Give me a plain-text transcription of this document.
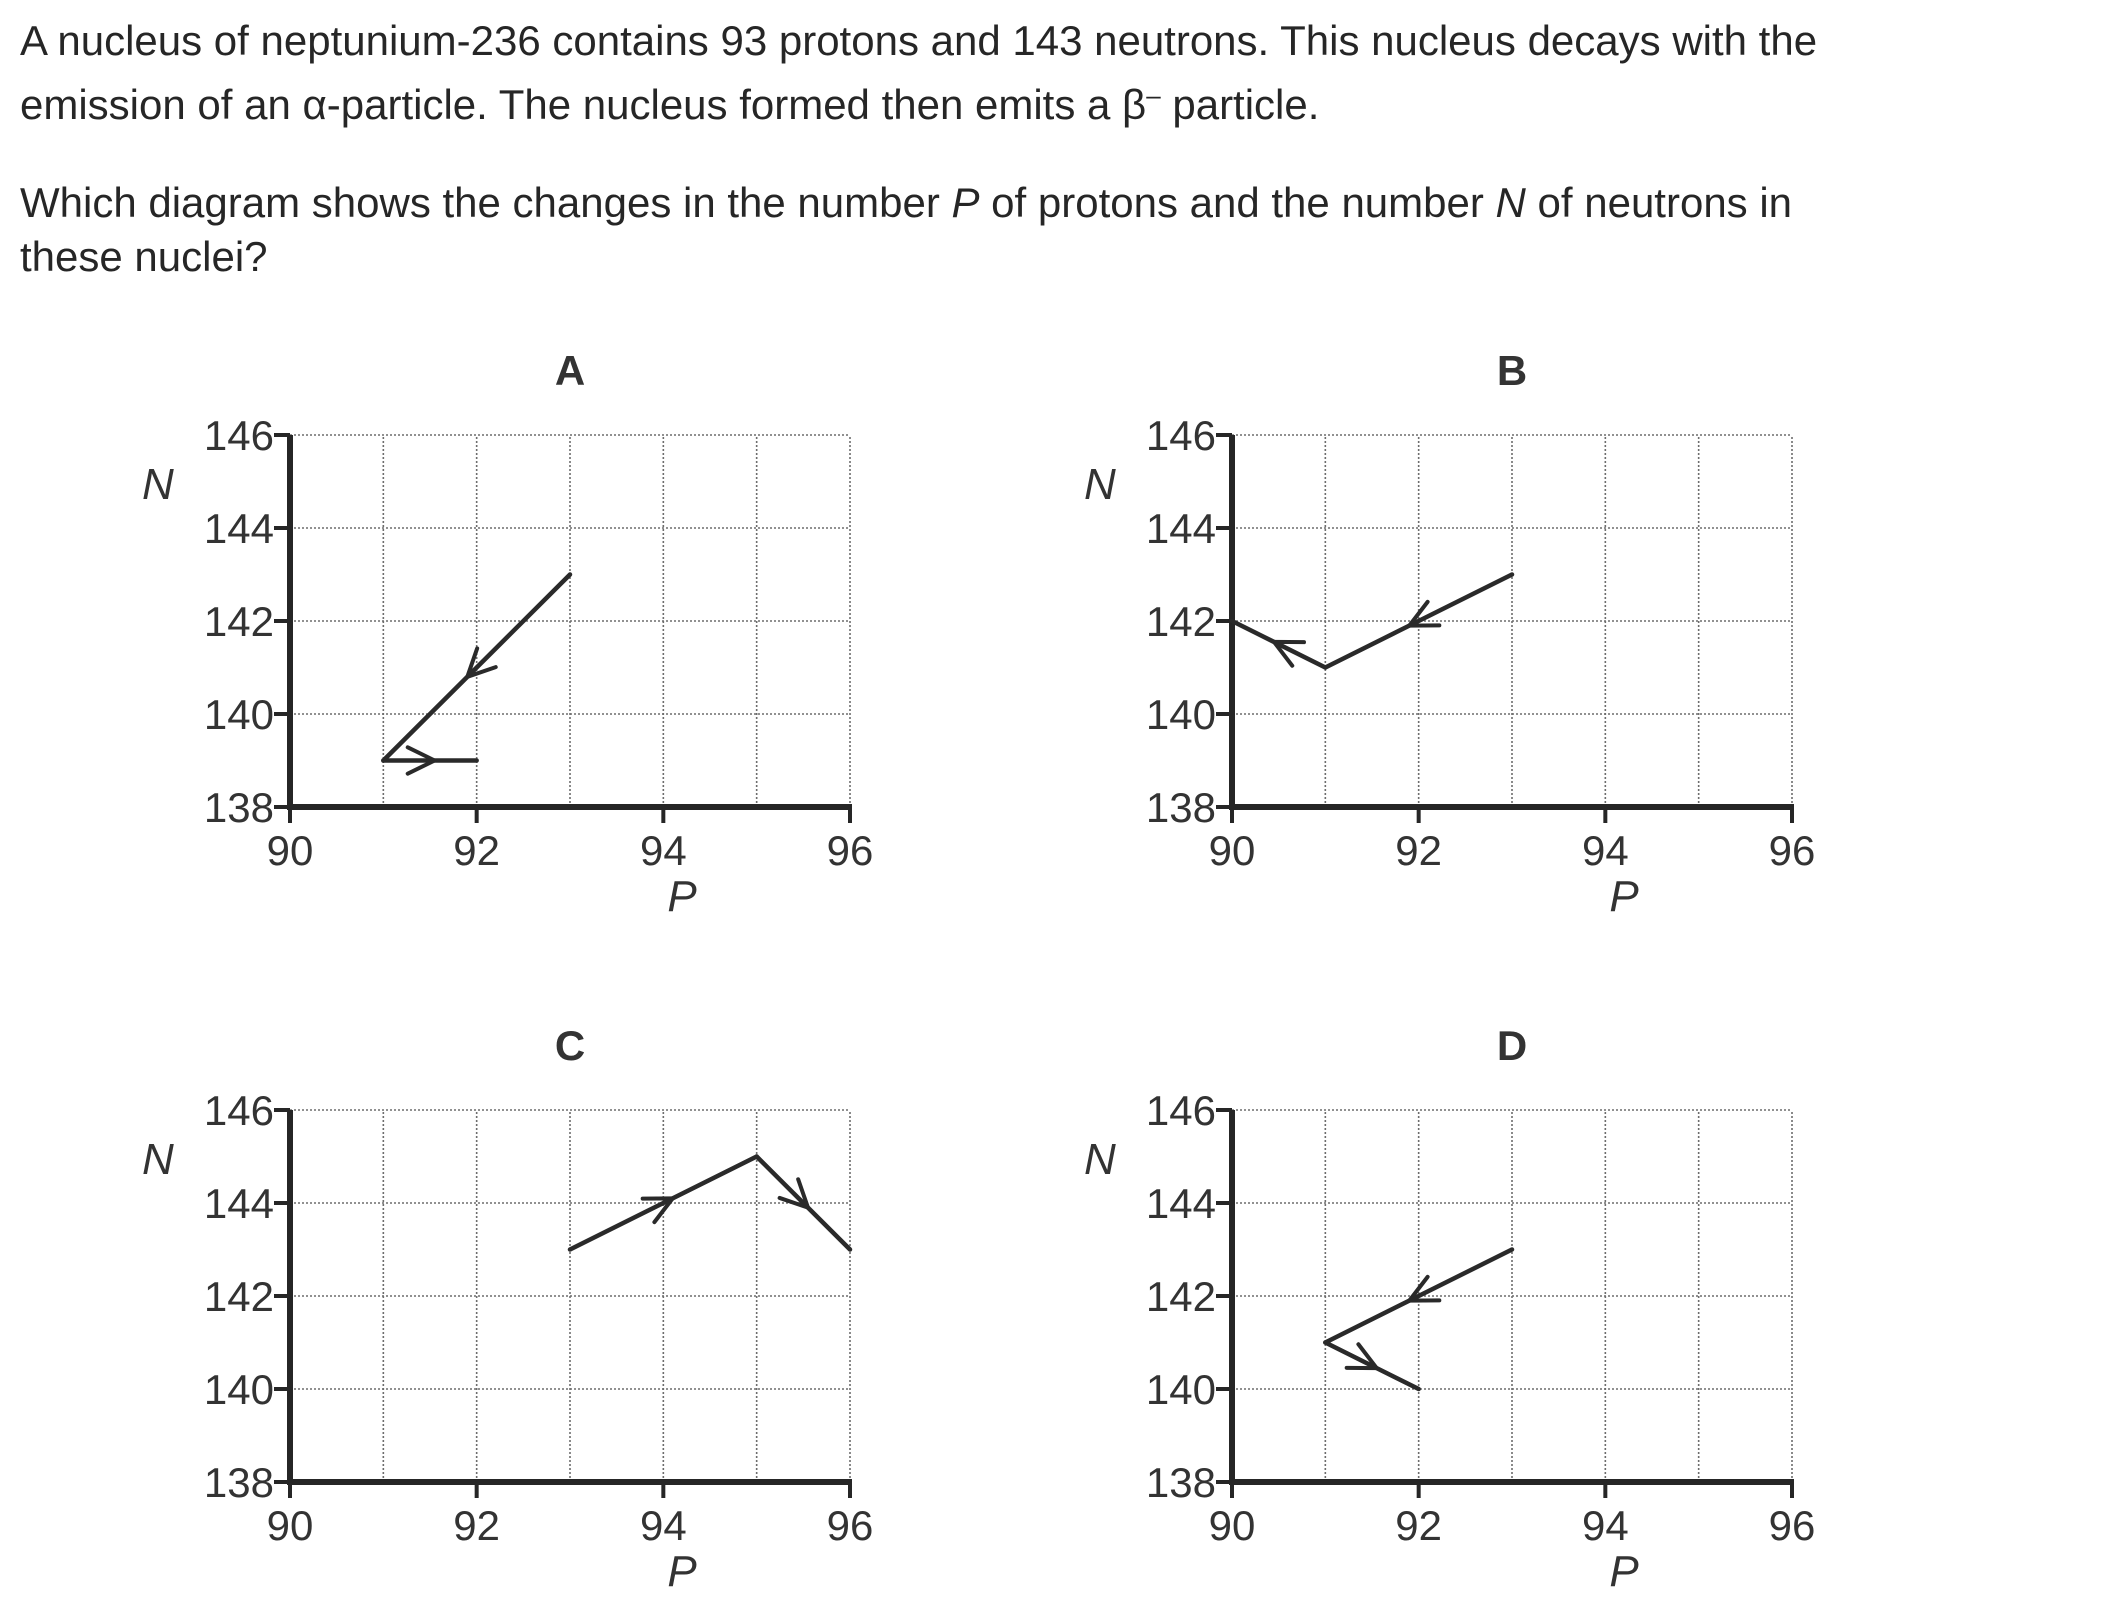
A nucleus of neptunium-236 contains 93 protons and 143 neutrons. This nucleus decays with the
emission of an α-particle. The nucleus formed then emits a β– particle.

Which diagram shows the changes in the number P of protons and the number N of neutrons in
these nuclei?

138
140
142
144
146
90	92	94	96
N
P
A
138
140
142
144
146
90	92	94	96
N
P
B
138
140
142
144
146
90	92	94	96
N
P
C
138
140
142
144
146
90	92	94	96
N
P
D
